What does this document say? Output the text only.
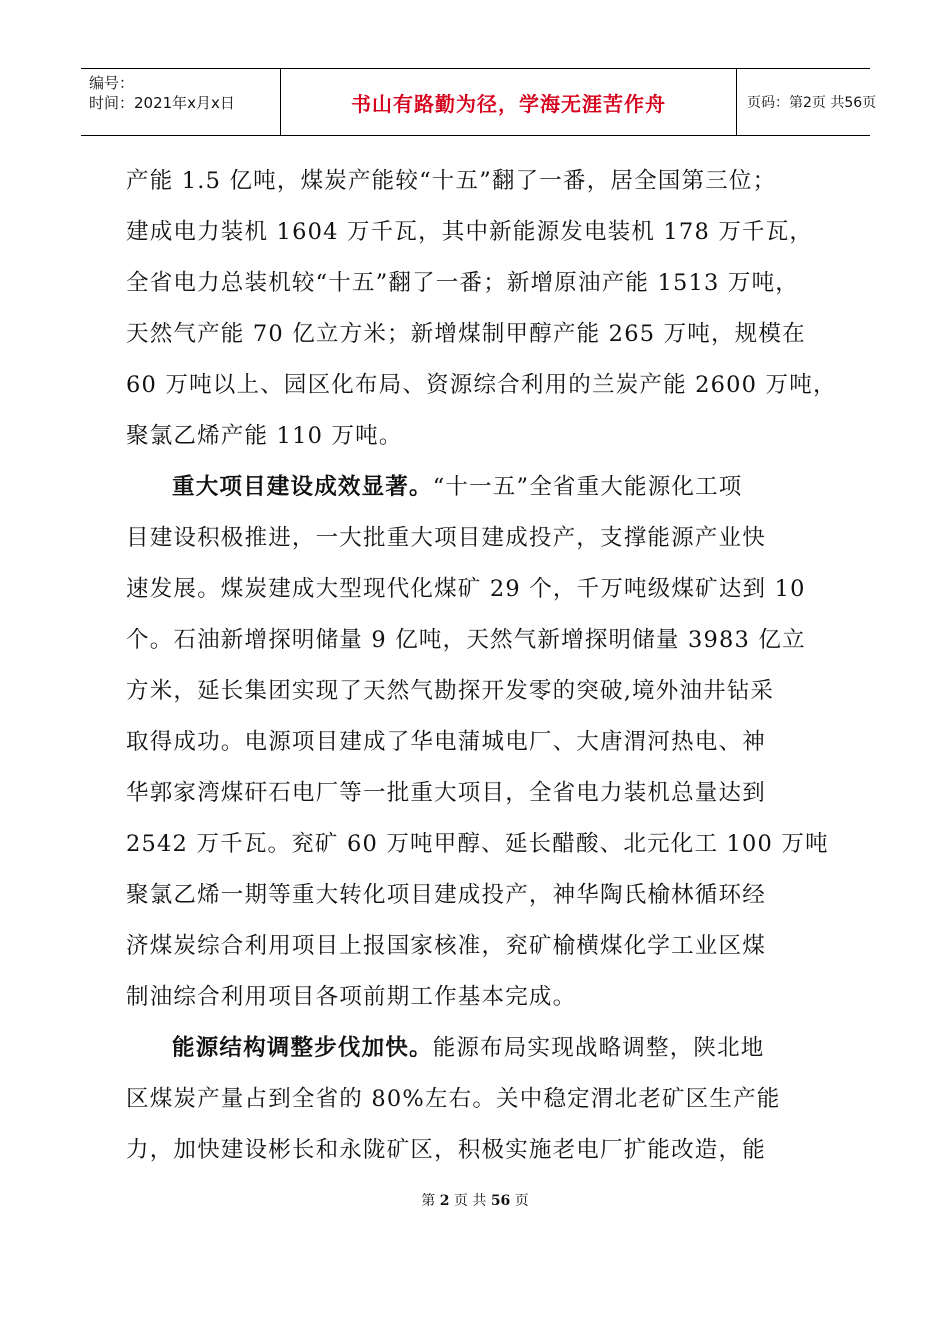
编号：
时间：2021年x月x日	书山有路勤为径，学海无涯苦作舟	页码：第2页 共56页
产能 1.5 亿吨，煤炭产能较“十五”翻了一番，居全国第三位；
建成电力装机 1604 万千瓦，其中新能源发电装机 178 万千瓦，
全省电力总装机较“十五”翻了一番；新增原油产能 1513 万吨，
天然气产能 70 亿立方米；新增煤制甲醇产能 265 万吨，规模在
60 万吨以上、园区化布局、资源综合利用的兰炭产能 2600 万吨，
聚氯乙烯产能 110 万吨。
重大项目建设成效显著。“十一五”全省重大能源化工项
目建设积极推进，一大批重大项目建成投产，支撑能源产业快
速发展。煤炭建成大型现代化煤矿 29 个，千万吨级煤矿达到 10
个。石油新增探明储量 9 亿吨，天然气新增探明储量 3983 亿立
方米，延长集团实现了天然气勘探开发零的突破,境外油井钻采
取得成功。电源项目建成了华电蒲城电厂、大唐渭河热电、神
华郭家湾煤矸石电厂等一批重大项目，全省电力装机总量达到
2542 万千瓦。兖矿 60 万吨甲醇、延长醋酸、北元化工 100 万吨
聚氯乙烯一期等重大转化项目建成投产，神华陶氏榆林循环经
济煤炭综合利用项目上报国家核准，兖矿榆横煤化学工业区煤
制油综合利用项目各项前期工作基本完成。
能源结构调整步伐加快。能源布局实现战略调整，陕北地
区煤炭产量占到全省的 80%左右。关中稳定渭北老矿区生产能
力，加快建设彬长和永陇矿区，积极实施老电厂扩能改造，能
第 2 页 共 56 页
